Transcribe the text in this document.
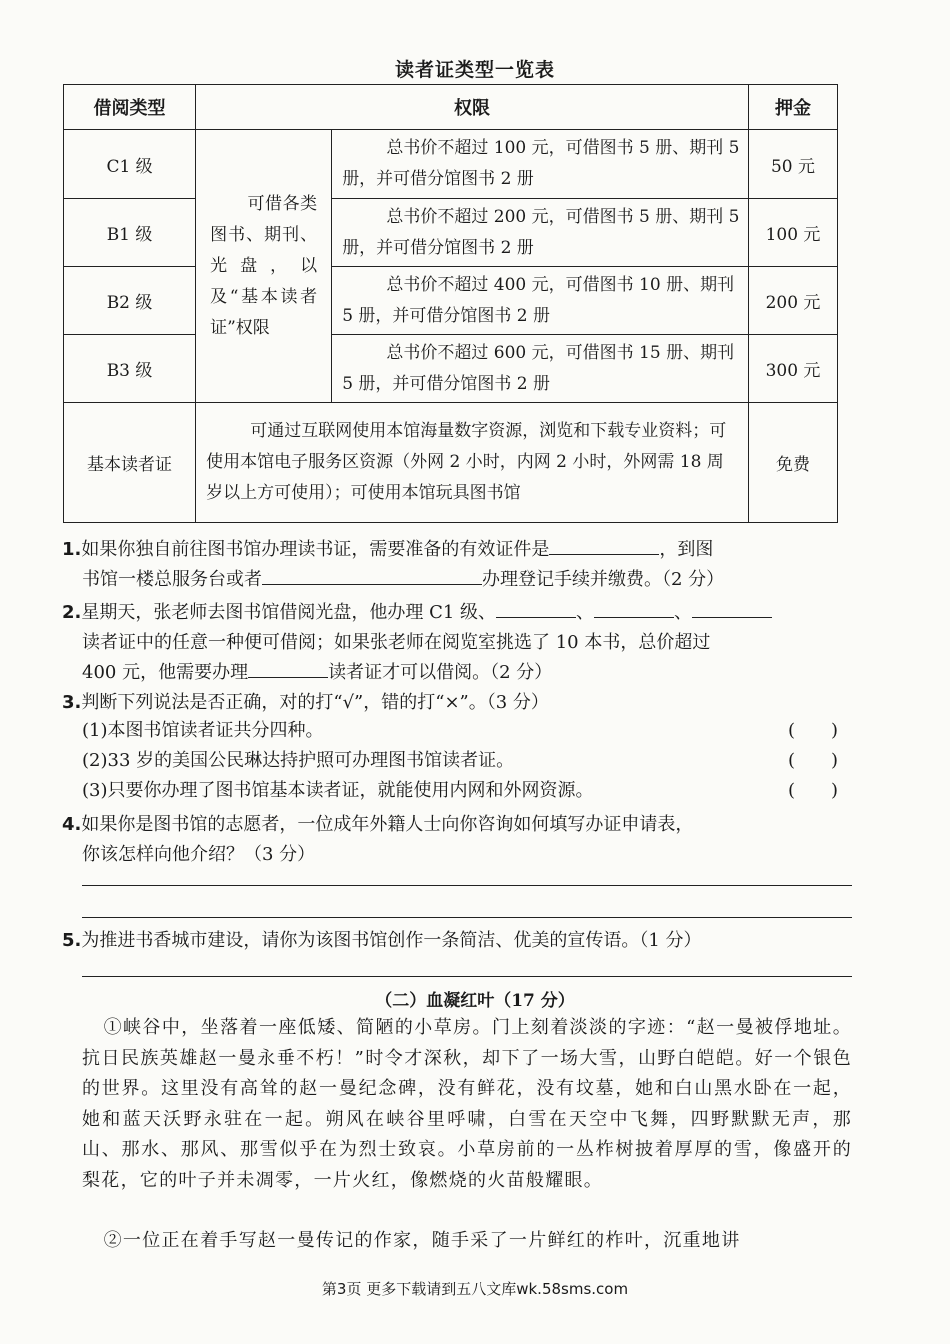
读者证类型一览表
借阅类型	权限		押金
C1 级	可借各类图书、期刊、光盘，以及“基本读者证”权限	总书价不超过 100 元，可借图书 5 册、期刊 5 册，并可借分馆图书 2 册	50 元
B1 级		总书价不超过 200 元，可借图书 5 册、期刊 5 册，并可借分馆图书 2 册	100 元
B2 级		总书价不超过 400 元，可借图书 10 册、期刊 5 册，并可借分馆图书 2 册	200 元
B3 级		总书价不超过 600 元，可借图书 15 册、期刊 5 册，并可借分馆图书 2 册	300 元
基本读者证	可通过互联网使用本馆海量数字资源，浏览和下载专业资料；可使用本馆电子服务区资源（外网 2 小时，内网 2 小时，外网需 18 周岁以上方可使用）；可使用本馆玩具图书馆		免费
1.如果你独自前往图书馆办理读书证，需要准备的有效证件是	，到图
书馆一楼总服务台或者	办理登记手续并缴费。（2 分）
2.星期天，张老师去图书馆借阅光盘，他办理 C1 级、	、	、
读者证中的任意一种便可借阅；如果张老师在阅览室挑选了 10 本书，总价超过
400 元，他需要办理	读者证才可以借阅。（2 分）
3.判断下列说法是否正确，对的打“√”，错的打“×”。（3 分）
(1)本图书馆读者证共分四种。	(　　)
(2)33 岁的美国公民琳达持护照可办理图书馆读者证。	(　　)
(3)只要你办理了图书馆基本读者证，就能使用内网和外网资源。	(　　)
4.如果你是图书馆的志愿者，一位成年外籍人士向你咨询如何填写办证申请表，
你该怎样向他介绍？（3 分）
5.为推进书香城市建设，请你为该图书馆创作一条简洁、优美的宣传语。（1 分）
（二）血凝红叶（17 分）
①峡谷中，坐落着一座低矮、简陋的小草房。门上刻着淡淡的字迹：“赵一曼被俘地址。抗日民族英雄赵一曼永垂不朽！”时令才深秋，却下了一场大雪，山野白皑皑。好一个银色的世界。这里没有高耸的赵一曼纪念碑，没有鲜花，没有坟墓，她和白山黑水卧在一起，她和蓝天沃野永驻在一起。朔风在峡谷里呼啸，白雪在天空中飞舞，四野默默无声，那山、那水、那风、那雪似乎在为烈士致哀。小草房前的一丛柞树披着厚厚的雪，像盛开的梨花，它的叶子并未凋零，一片火红，像燃烧的火苗般耀眼。
②一位正在着手写赵一曼传记的作家，随手采了一片鲜红的柞叶，沉重地讲
第3页 更多下载请到五八文库wk.58sms.com
